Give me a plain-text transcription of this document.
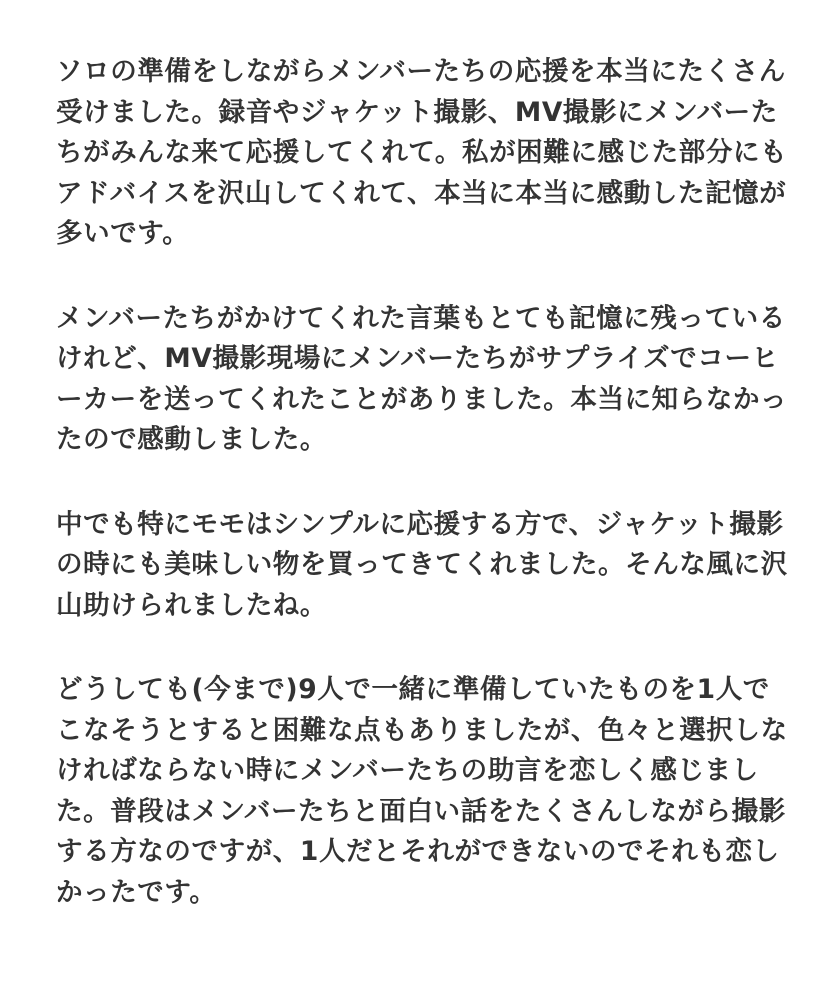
ソロの準備をしながらメンバーたちの応援を本当にたくさん
受けました。録音やジャケット撮影、MV撮影にメンバーた
ちがみんな来て応援してくれて。私が困難に感じた部分にも
アドバイスを沢山してくれて、本当に本当に感動した記憶が
多いです。

メンバーたちがかけてくれた言葉もとても記憶に残っている
けれど、MV撮影現場にメンバーたちがサプライズでコーヒ
ーカーを送ってくれたことがありました。本当に知らなかっ
たので感動しました。

中でも特にモモはシンプルに応援する方で、ジャケット撮影
の時にも美味しい物を買ってきてくれました。そんな風に沢
山助けられましたね。

どうしても(今まで)9人で一緒に準備していたものを1人で
こなそうとすると困難な点もありましたが、色々と選択しな
ければならない時にメンバーたちの助言を恋しく感じまし
た。普段はメンバーたちと面白い話をたくさんしながら撮影
する方なのですが、1人だとそれができないのでそれも恋し
かったです。
